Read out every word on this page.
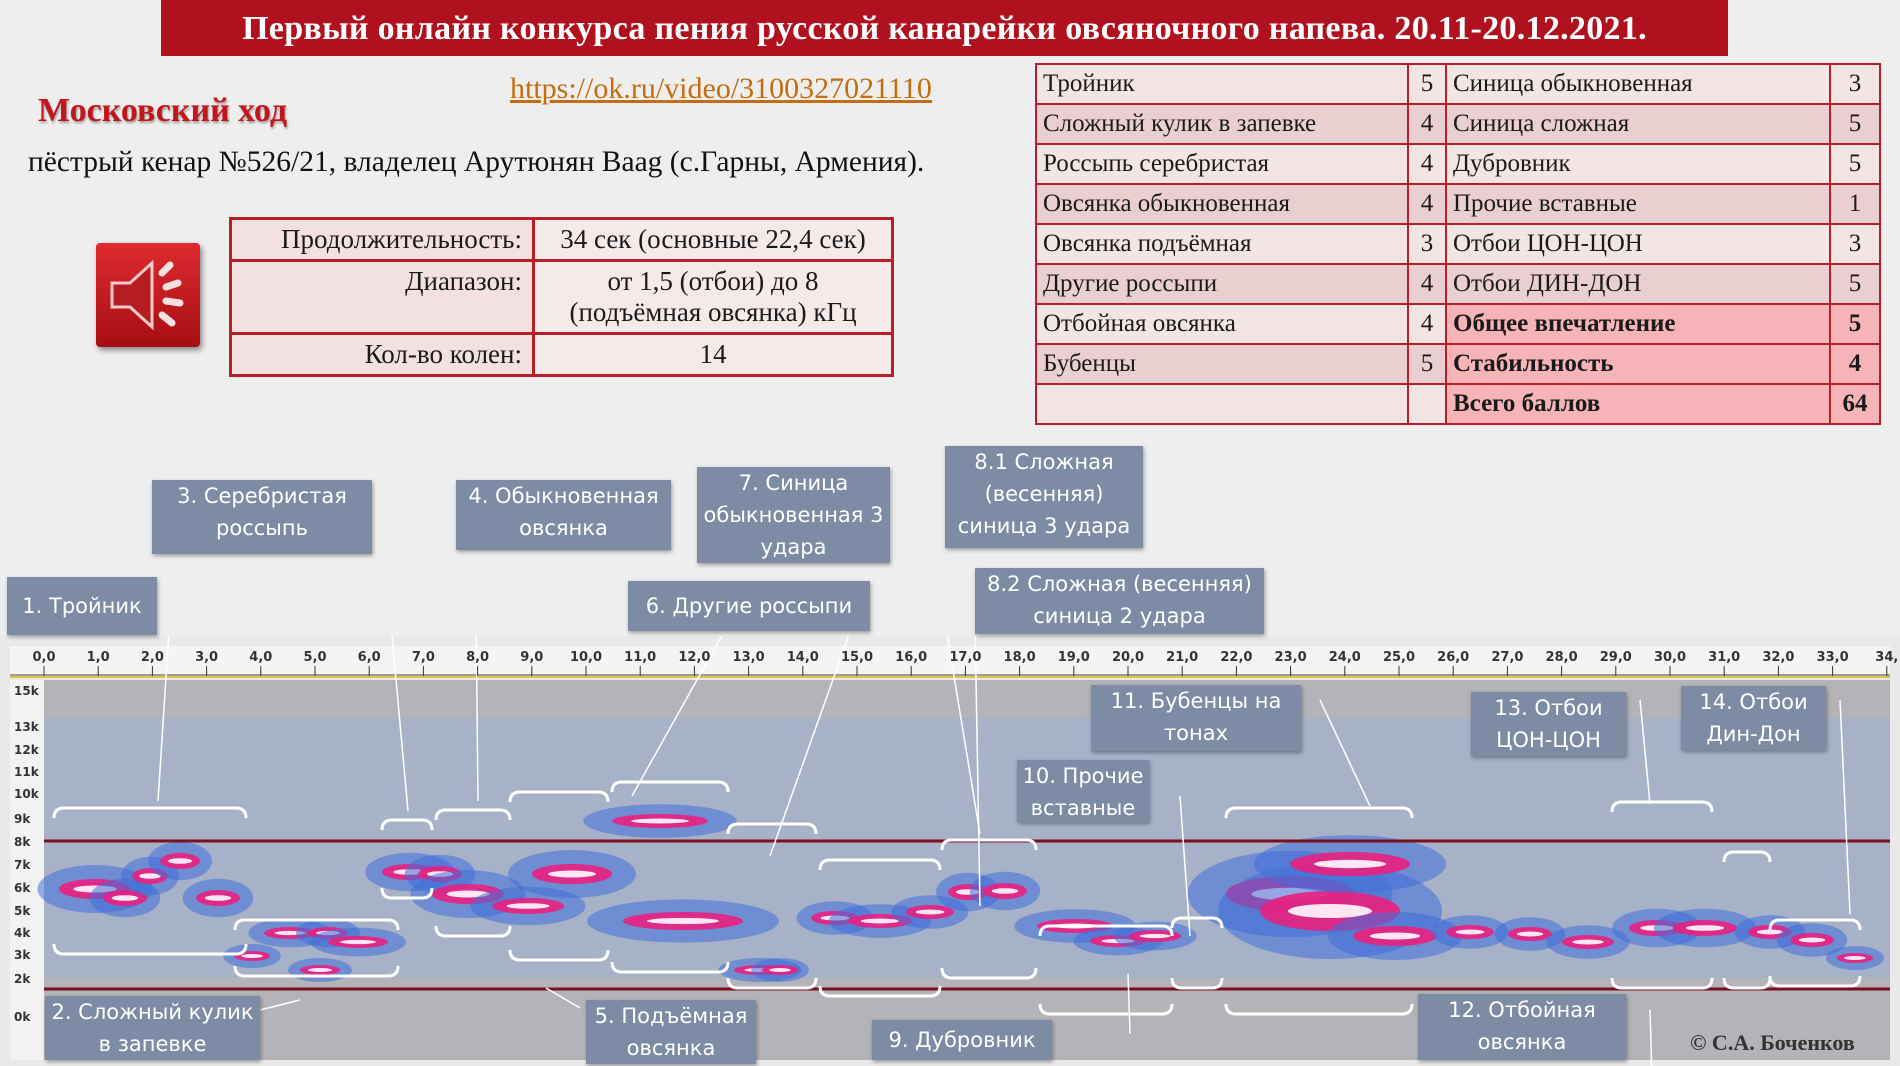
Первый онлайн конкурса пения русской канарейки овсяночного напева. 20.11-20.12.2021.
Московский ход
https://ok.ru/video/3100327021110
пёстрый кенар №526/21, владелец Арутюнян Ваag (с.Гарны, Армения).
Продолжительность:	34 сек (основные 22,4 сек)
Диапазон:	от 1,5 (отбои) до 8 (подъёмная овсянка) кГц
Кол-во колен:	14
Тройник	5	Синица обыкновенная	3
Сложный кулик в запевке	4	Синица сложная	5
Россыпь серебристая	4	Дубровник	5
Овсянка обыкновенная	4	Прочие вставные	1
Овсянка подъёмная	3	Отбои ЦОН-ЦОН	3
Другие россыпи	4	Отбои ДИН-ДОН	5
Отбойная овсянка	4	Общее впечатление	5
Бубенцы	5	Стабильность	4
		Всего баллов	64
0,0 1,0 2,0 3,0 4,0 5,0 6,0 7,0 8,0 9,0 10,0 11,0 12,0 13,0 14,0 15,0 16,0 17,0 18,0 19,0 20,0 21,0 22,0 23,0 24,0 25,0 26,0 27,0 28,0 29,0 30,0 31,0 32,0 33,0 34,
15k
13k
12k
11k
10k
9k
8k
7k
6k
5k
4k
3k
2k
0k
1. Тройник
2. Сложный кулик в запевке
3. Серебристая россыпь
4. Обыкновенная овсянка
5. Подъёмная овсянка
6. Другие россыпи
7. Синица обыкновенная 3 удара
8.1 Сложная (весенняя) синица 3 удара
8.2 Сложная (весенняя) синица 2 удара
9. Дубровник
10. Прочие вставные
11. Бубенцы на тонах
12. Отбойная овсянка
13. Отбои ЦОН-ЦОН
14. Отбои Дин-Дон
© С.А. Боченков
